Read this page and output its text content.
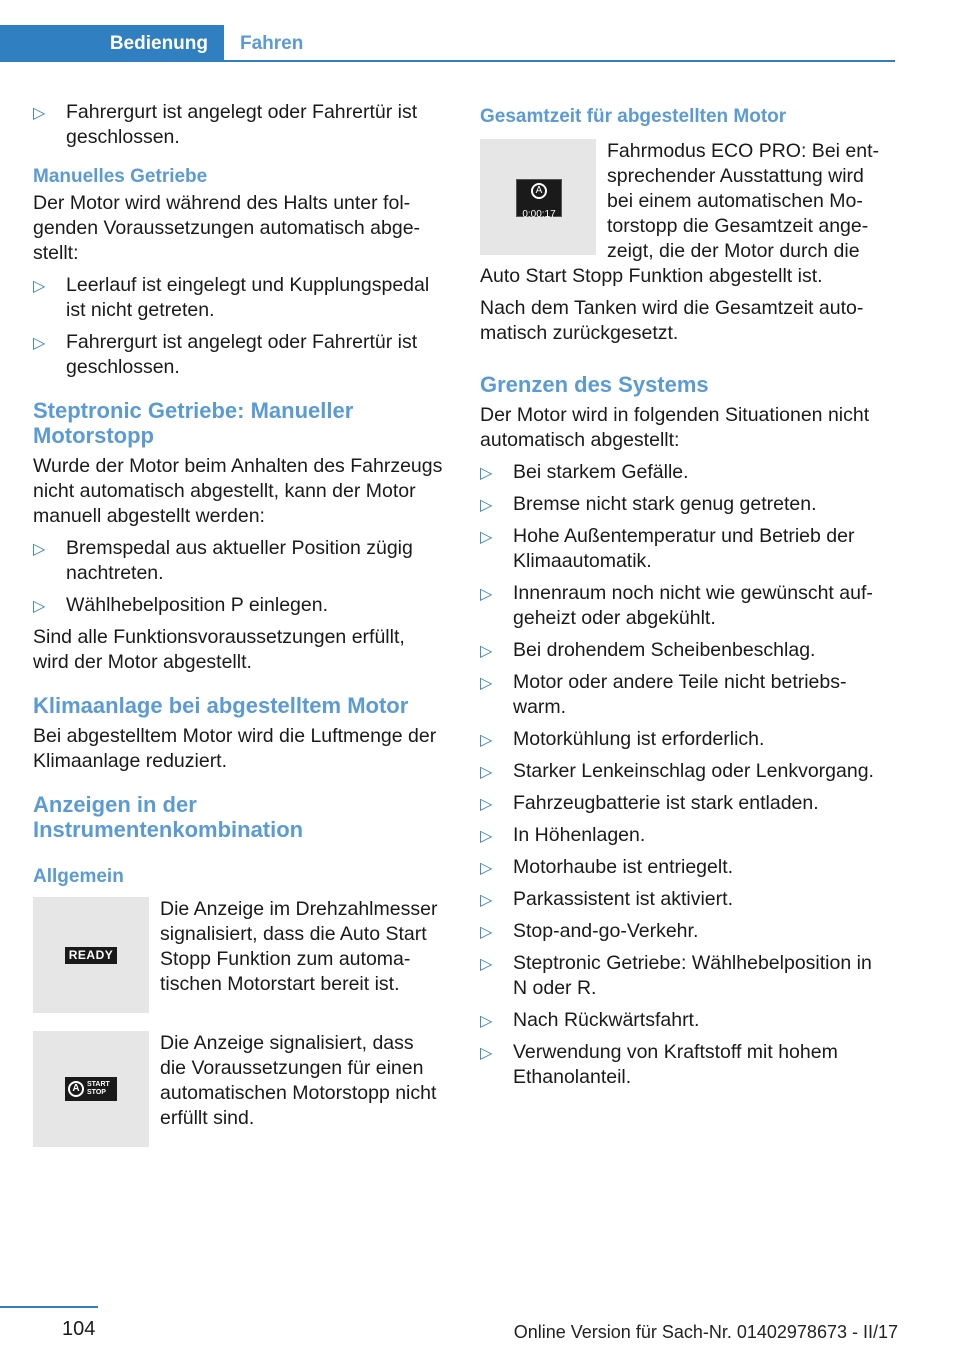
Bedienung	Fahren
▷ Fahrergurt ist angelegt oder Fahrertür ist geschlossen.
Manuelles Getriebe

Der Motor wird während des Halts unter folgenden Voraussetzungen automatisch abgestellt:

▷ Leerlauf ist eingelegt und Kupplungspedal ist nicht getreten.
▷ Fahrergurt ist angelegt oder Fahrertür ist geschlossen.
Steptronic Getriebe: Manueller Motorstopp

Wurde der Motor beim Anhalten des Fahrzeugs nicht automatisch abgestellt, kann der Motor manuell abgestellt werden:

▷ Bremspedal aus aktueller Position zügig nachtreten.
▷ Wählhebelposition P einlegen.

Sind alle Funktionsvoraussetzungen erfüllt, wird der Motor abgestellt.

Klimaanlage bei abgestelltem Motor

Bei abgestelltem Motor wird die Luftmenge der Klimaanlage reduziert.

Anzeigen in der Instrumentenkombination
Allgemein
READY

Die Anzeige im Drehzahlmesser signalisiert, dass die Auto Start Stopp Funktion zum automatischen Motorstart bereit ist.

A	START
STOP

Die Anzeige signalisiert, dass die Voraussetzungen für einen automatischen Motorstopp nicht erfüllt sind.

Gesamtzeit für abgestellten Motor
A
0:00:17

Fahrmodus ECO PRO: Bei entsprechender Ausstattung wird bei einem automatischen Motorstopp die Gesamtzeit angezeigt, die der Motor durch die

Auto Start Stopp Funktion abgestellt ist.

Nach dem Tanken wird die Gesamtzeit automatisch zurückgesetzt.

Grenzen des Systems

Der Motor wird in folgenden Situationen nicht automatisch abgestellt:

▷ Bei starkem Gefälle.
▷ Bremse nicht stark genug getreten.
▷ Hohe Außentemperatur und Betrieb der Klimaautomatik.
▷ Innenraum noch nicht wie gewünscht aufgeheizt oder abgekühlt.
▷ Bei drohendem Scheibenbeschlag.
▷ Motor oder andere Teile nicht betriebswarm.
▷ Motorkühlung ist erforderlich.
▷ Starker Lenkeinschlag oder Lenkvorgang.
▷ Fahrzeugbatterie ist stark entladen.
▷ In Höhenlagen.
▷ Motorhaube ist entriegelt.
▷ Parkassistent ist aktiviert.
▷ Stop-and-go-Verkehr.
▷ Steptronic Getriebe: Wählhebelposition in N oder R.
▷ Nach Rückwärtsfahrt.
▷ Verwendung von Kraftstoff mit hohem Ethanolanteil.
104	Online Version für Sach-Nr. 01402978673 - II/17
